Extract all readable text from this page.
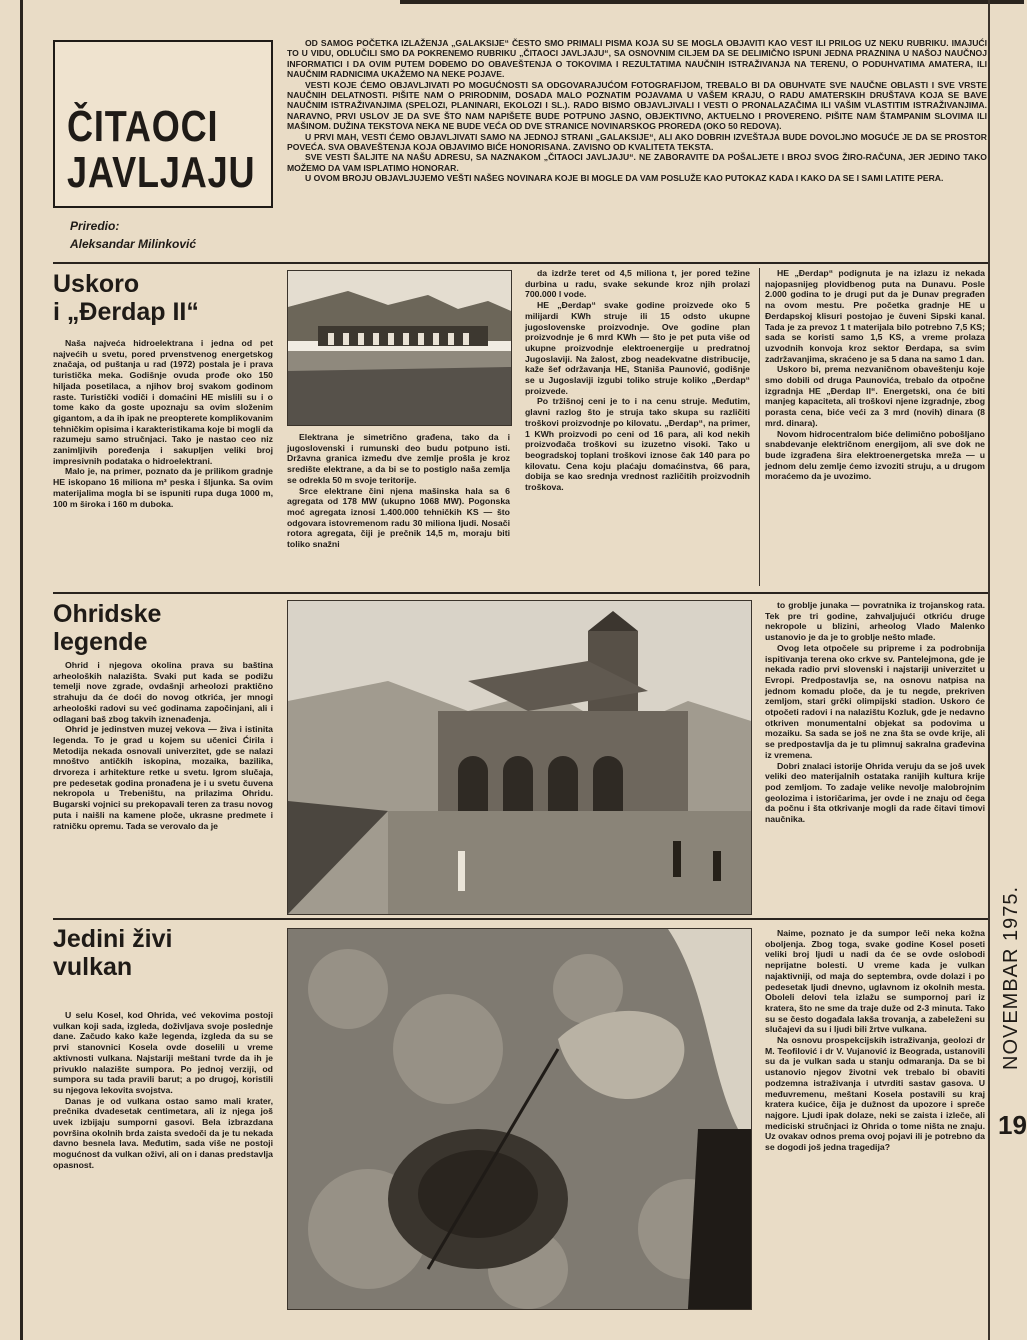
ČITAOCI
JAVLJAJU
Priredio:
Aleksandar Milinković

OD SAMOG POČETKA IZLAŽENJA „GALAKSIJE“ ČESTO SMO PRIMALI PISMA KOJA SU SE MOGLA OBJAVITI KAO VEST ILI PRILOG UZ NEKU RUBRIKU. IMAJUĆI TO U VIDU, ODLUČILI SMO DA POKRENEMO RUBRIKU „ČITAOCI JAVLJAJU“, SA OSNOVNIM CILJEM DA SE DELIMIČNO ISPUNI JEDNA PRAZNINA U NAŠOJ NAUČNOJ INFORMATICI I DA OVIM PUTEM DOĐEMO DO OBAVEŠTENJA O TOKOVIMA I REZULTATIMA NAUČNIH ISTRAŽIVANJA NA TERENU, O PODUHVATIMA AMATERA, ILI NAUČNIM RADNICIMA UKAŽEMO NA NEKE POJAVE.

VESTI KOJE ĆEMO OBJAVLJIVATI PO MOGUĆNOSTI SA ODGOVARAJUĆOM FOTOGRAFIJOM, TREBALO BI DA OBUHVATE SVE NAUČNE OBLASTI I SVE VRSTE NAUČNIH DELATNOSTI. PIŠITE NAM O PRIRODNIM, DOSADA MALO POZNATIM POJAVAMA U VAŠEM KRAJU, O RADU AMATERSKIH DRUŠTAVA KOJA SE BAVE NAUČNIM ISTRAŽIVANJIMA (SPELOZI, PLANINARI, EKOLOZI I SL.). RADO BISMO OBJAVLJIVALI I VESTI O PRONALAZAČIMA ILI VAŠIM VLASTITIM ISTRAŽIVANJIMA. NARAVNO, PRVI USLOV JE DA SVE ŠTO NAM NAPIŠETE BUDE POTPUNO JASNO, OBJEKTIVNO, AKTUELNO I PROVERENO. PIŠITE NAM ŠTAMPANIM SLOVIMA ILI MAŠINOM. DUŽINA TEKSTOVA NEKA NE BUDE VEĆA OD DVE STRANICE NOVINARSKOG PROREDA (OKO 50 REDOVA).

U PRVI MAH, VESTI ĆEMO OBJAVLJIVATI SAMO NA JEDNOJ STRANI „GALAKSIJE“, ALI AKO DOBRIH IZVEŠTAJA BUDE DOVOLJNO MOGUĆE JE DA SE PROSTOR POVEĆA. SVA OBAVEŠTENJA KOJA OBJAVIMO BIĆE HONORISANA. ZAVISNO OD KVALITETA TEKSTA.

SVE VESTI ŠALJITE NA NAŠU ADRESU, SA NAZNAKOM „ČITAOCI JAVLJAJU“. NE ZABORAVITE DA POŠALJETE I BROJ SVOG ŽIRO-RAČUNA, JER JEDINO TAKO MOŽEMO DA VAM ISPLATIMO HONORAR.

U OVOM BROJU OBJAVLJUJEMO VEŠTI NAŠEG NOVINARA KOJE BI MOGLE DA VAM POSLUŽE KAO PUTOKAZ KADA I KAKO DA SE I SAMI LATITE PERA.

Uskoro
i „Đerdap II“

Naša najveća hidroelektrana i jedna od pet najvećih u svetu, pored prvenstvenog energetskog značaja, od puštanja u rad (1972) postala je i prava turistička meka. Godišnje ovuda prođe oko 150 hiljada posetilaca, a njihov broj svakom godinom raste. Turistički vodiči i domaćini HE mislili su i o tome kako da goste upoznaju sa ovim složenim gigantom, a da ih ipak ne preopterete komplikovanim tehničkim opisima i karakteristikama koje bi mogli da razumeju samo stručnjaci. Tako je nastao ceo niz zanimljivih poređenja i sakupljen veliki broj impresivnih podataka o hidroelektrani.

Malo je, na primer, poznato da je prilikom gradnje HE iskopano 16 miliona m³ peska i šljunka. Sa ovim materijalima mogla bi se ispuniti rupa duga 1000 m, 100 m široka i 160 m duboka.

Elektrana je simetrično građena, tako da i jugoslovenski i rumunski deo budu potpuno isti. Državna granica između dve zemlje prošla je kroz središte elektrane, a da bi se to postiglo naša zemlja se odrekla 50 m svoje teritorije.

Srce elektrane čini njena mašinska hala sa 6 agregata od 178 MW (ukupno 1068 MW). Pogonska moć agregata iznosi 1.400.000 tehničkih KS — što odgovara istovremenom radu 30 miliona ljudi. Nosači rotora agregata, čiji je prečnik 14,5 m, moraju biti toliko snažni

da izdrže teret od 4,5 miliona t, jer pored težine durbina u radu, svake sekunde kroz njih prolazi 700.000 l vode.

HE „Đerdap“ svake godine proizvede oko 5 milijardi KWh struje ili 15 odsto ukupne jugoslovenske proizvodnje. Ove godine plan proizvodnje je 6 mrd KWh — što je pet puta više od ukupne proizvodnje elektroenergije u predratnoj Jugoslaviji. Na žalost, zbog neadekvatne distribucije, kaže šef održavanja HE, Staniša Paunović, godišnje se u Jugoslaviji izgubi toliko struje koliko „Đerdap“ proizvede.

Po tržišnoj ceni je to i na cenu struje. Međutim, glavni razlog što je struja tako skupa su različiti troškovi proizvodnje po kilovatu. „Đerdap“, na primer, 1 KWh proizvodi po ceni od 16 para, ali kod nekih proizvođača troškovi su izuzetno visoki. Tako u beogradskoj toplani troškovi iznose čak 140 para po kilovatu. Cena koju plaćaju domaćinstva, 66 para, dobija se kao srednja vrednost različitih proizvodnih troškova.

HE „Đerdap“ podignuta je na izlazu iz nekada najopasnijeg plovidbenog puta na Dunavu. Posle 2.000 godina to je drugi put da je Dunav pregrađen na ovom mestu. Pre početka gradnje HE u Đerdapskoj klisuri postojao je čuveni Sipski kanal. Tada je za prevoz 1 t materijala bilo potrebno 7,5 KS; sada se koristi samo 1,5 KS, a vreme prolaza uzvodnih konvoja kroz sektor Đerdapa, sa svim zadržavanjima, skraćeno je sa 5 dana na samo 1 dan.

Uskoro bi, prema nezvaničnom obaveštenju koje smo dobili od druga Paunovića, trebalo da otpočne izgradnja HE „Đerdap II“. Energetski, ona će biti manjeg kapaciteta, ali troškovi njene izgradnje, zbog porasta cena, biće veći za 3 mrd (novih) dinara (8 mrd. dinara).

Novom hidrocentralom biće delimično pobošljano snabdevanje električnom energijom, ali sve dok ne bude izgrađena šira elektroenergetska mreža — u jednom delu zemlje ćemo izvoziti struju, a u drugom moraćemo da je uvozimo.

Ohridske
legende

Ohrid i njegova okolina prava su baština arheoloških nalazišta. Svaki put kada se podižu temelji nove zgrade, ovdašnji arheolozi praktično strahuju da će doći do novog otkrića, jer mnogi arheološki radovi su već godinama započinjani, ali i odlagani baš zbog takvih iznenađenja.

Ohrid je jedinstven muzej vekova — živa i istinita legenda. To je grad u kojem su učenici Ćirila i Metodija nekada osnovali univerzitet, gde se nalazi mnoštvo antičkih iskopina, mozaika, bazilika, drvoreza i arhitekture retke u svetu. Igrom slučaja, pre pedesetak godina pronađena je i u svetu čuvena nekropola u Trebeništu, na prilazima Ohridu. Bugarski vojnici su prekopavali teren za trasu novog puta i naišli na kamene ploče, ukrasne predmete i ratničku opremu. Tada se verovalo da je

to groblje junaka — povratnika iz trojanskog rata. Tek pre tri godine, zahvaljujući otkriću druge nekropole u blizini, arheolog Vlado Malenko ustanovio je da je to groblje nešto mlađe.

Ovog leta otpočele su pripreme i za podrobnija ispitivanja terena oko crkve sv. Pantelejmona, gde je nekada radio prvi slovenski i najstariji univerzitet u Evropi. Predpostavlja se, na osnovu natpisa na jednom komadu ploče, da je tu negde, prekriven zemljom, stari grčki olimpijski stadion. Uskoro će otpočeti radovi i na nalazištu Kozluk, gde je nedavno otkriven monumentalni objekat sa podovima u mozaiku. Sa sada se još ne zna šta se ovde krije, ali se predpostavlja da je tu plimnuj sakralna građevina iz vremena.

Dobri znalaci istorije Ohrida veruju da se još uvek veliki deo materijalnih ostataka ranijih kultura krije pod zemljom. To zadaje velike nevolje malobrojnim geolozima i istoričarima, jer ovde i ne znaju od čega da počnu i šta otkrivanje mogli da rade čitavi timovi naučnika.

Jedini živi
vulkan

U selu Kosel, kod Ohrida, već vekovima postoji vulkan koji sada, izgleda, doživljava svoje poslednje dane. Začudo kako kaže legenda, izgleda da su se prvi stanovnici Kosela ovde doselili u vreme aktivnosti vulkana. Najstariji meštani tvrde da ih je privuklo nalazište sumpora. Po jednoj verziji, od sumpora su tada pravili barut; a po drugoj, koristili su njegova lekovita svojstva.

Danas je od vulkana ostao samo mali krater, prečnika dvadesetak centimetara, ali iz njega još uvek izbijaju sumporni gasovi. Bela izbrazdana površina okolnih brda zaista svedoči da je tu nekada davno besnela lava. Međutim, sada više ne postoji mogućnost da vulkan oživi, ali on i danas predstavlja opasnost.

Naime, poznato je da sumpor leči neka kožna oboljenja. Zbog toga, svake godine Kosel poseti veliki broj ljudi u nadi da će se ovde oslobodi neprijatne bolesti. U vreme kada je vulkan najaktivniji, od maja do septembra, ovde dolazi i po pedesetak ljudi dnevno, uglavnom iz okolnih mesta. Oboleli delovi tela izlažu se sumpornoj pari iz kratera, što ne sme da traje duže od 2-3 minuta. Tako su se često događala lakša trovanja, a zabeleženi su slučajevi da su i ljudi bili žrtve vulkana.

Na osnovu prospekcijskih istraživanja, geolozi dr M. Teofilović i dr V. Vujanović iz Beograda, ustanovili su da je vulkan sada u stanju odmaranja. Da se bi ustanovio njegov životni vek trebalo bi obaviti podzemna istraživanja i utvrditi sastav gasova. U međuvremenu, meštani Kosela postavili su kraj kratera kućice, čija je dužnost da upozore i spreče najgore. Ljudi ipak dolaze, neki se zaista i izleče, ali mediciski stručnjaci iz Ohrida o tome ništa ne znaju. Uz ovakav odnos prema ovoj pojavi ili je potrebno da se dogodi još jedna tragedija?

NOVEMBAR 1975.
19
